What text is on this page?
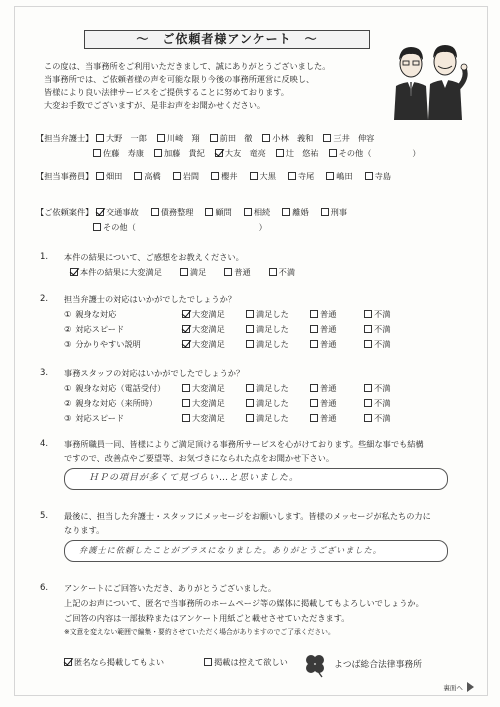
～　ご依頼者様アンケート　～
この度は、当事務所をご利用いただきまして、誠にありがとうございました。
当事務所では、ご依頼者様の声を可能な限り今後の事務所運営に反映し、
皆様により良い法律サービスをご提供することに努めております。
大変お手数でございますが、是非お声をお聞かせください。
【担当弁護士】 大野　一郎 川崎　翔 前田　徹 小林　義和 三井　伸容
佐藤　寿康 加藤　貴紀 大友　竜亮 辻　悠祐 その他（　　　　　）
【担当事務員】 畑田	高橋	岩間	櫻井	大黒	寺尾	嶋田	寺島
【ご依頼案件】 交通事故	債務整理	顧問	相続	離婚	刑事
その他（　　　　　　　　　　　　　　　）
1. 本件の結果について、ご感想をお教えください。
本件の結果に大変満足	満足	普通	不満
2. 担当弁護士の対応はいかがでしたでしょうか？
① 親身な対応	大変満足	満足した	普通	不満
② 対応スピード	大変満足	満足した	普通	不満
③ 分かりやすい説明	大変満足	満足した	普通	不満
3. 事務スタッフの対応はいかがでしたでしょうか？
① 親身な対応（電話受付）	大変満足	満足した	普通	不満
② 親身な対応（来所時）	大変満足	満足した	普通	不満
③ 対応スピード	大変満足	満足した	普通	不満
4. 事務所職員一同、皆様によりご満足頂ける事務所サービスを心がけております。些細な事でも結構
ですので、改善点やご要望等、お気づきになられた点をお聞かせ下さい。
ＨＰの項目が多くて見づらい…と思いました。
5. 最後に、担当した弁護士・スタッフにメッセージをお願いします。皆様のメッセージが私たちの力に
なります。
弁護士に依頼したことがプラスになりました。ありがとうございました。
6. アンケートにご回答いただき、ありがとうございました。
上記のお声について、匿名で当事務所のホームページ等の媒体に掲載してもよろしいでしょうか。
ご回答の内容は一部抜粋またはアンケート用紙ごと載せさせていただきます。
※文意を変えない範囲で編集・要約させていただく場合がありますのでご了承ください。
匿名なら掲載してもよい	掲載は控えて欲しい	よつば総合法律事務所
裏面へ
